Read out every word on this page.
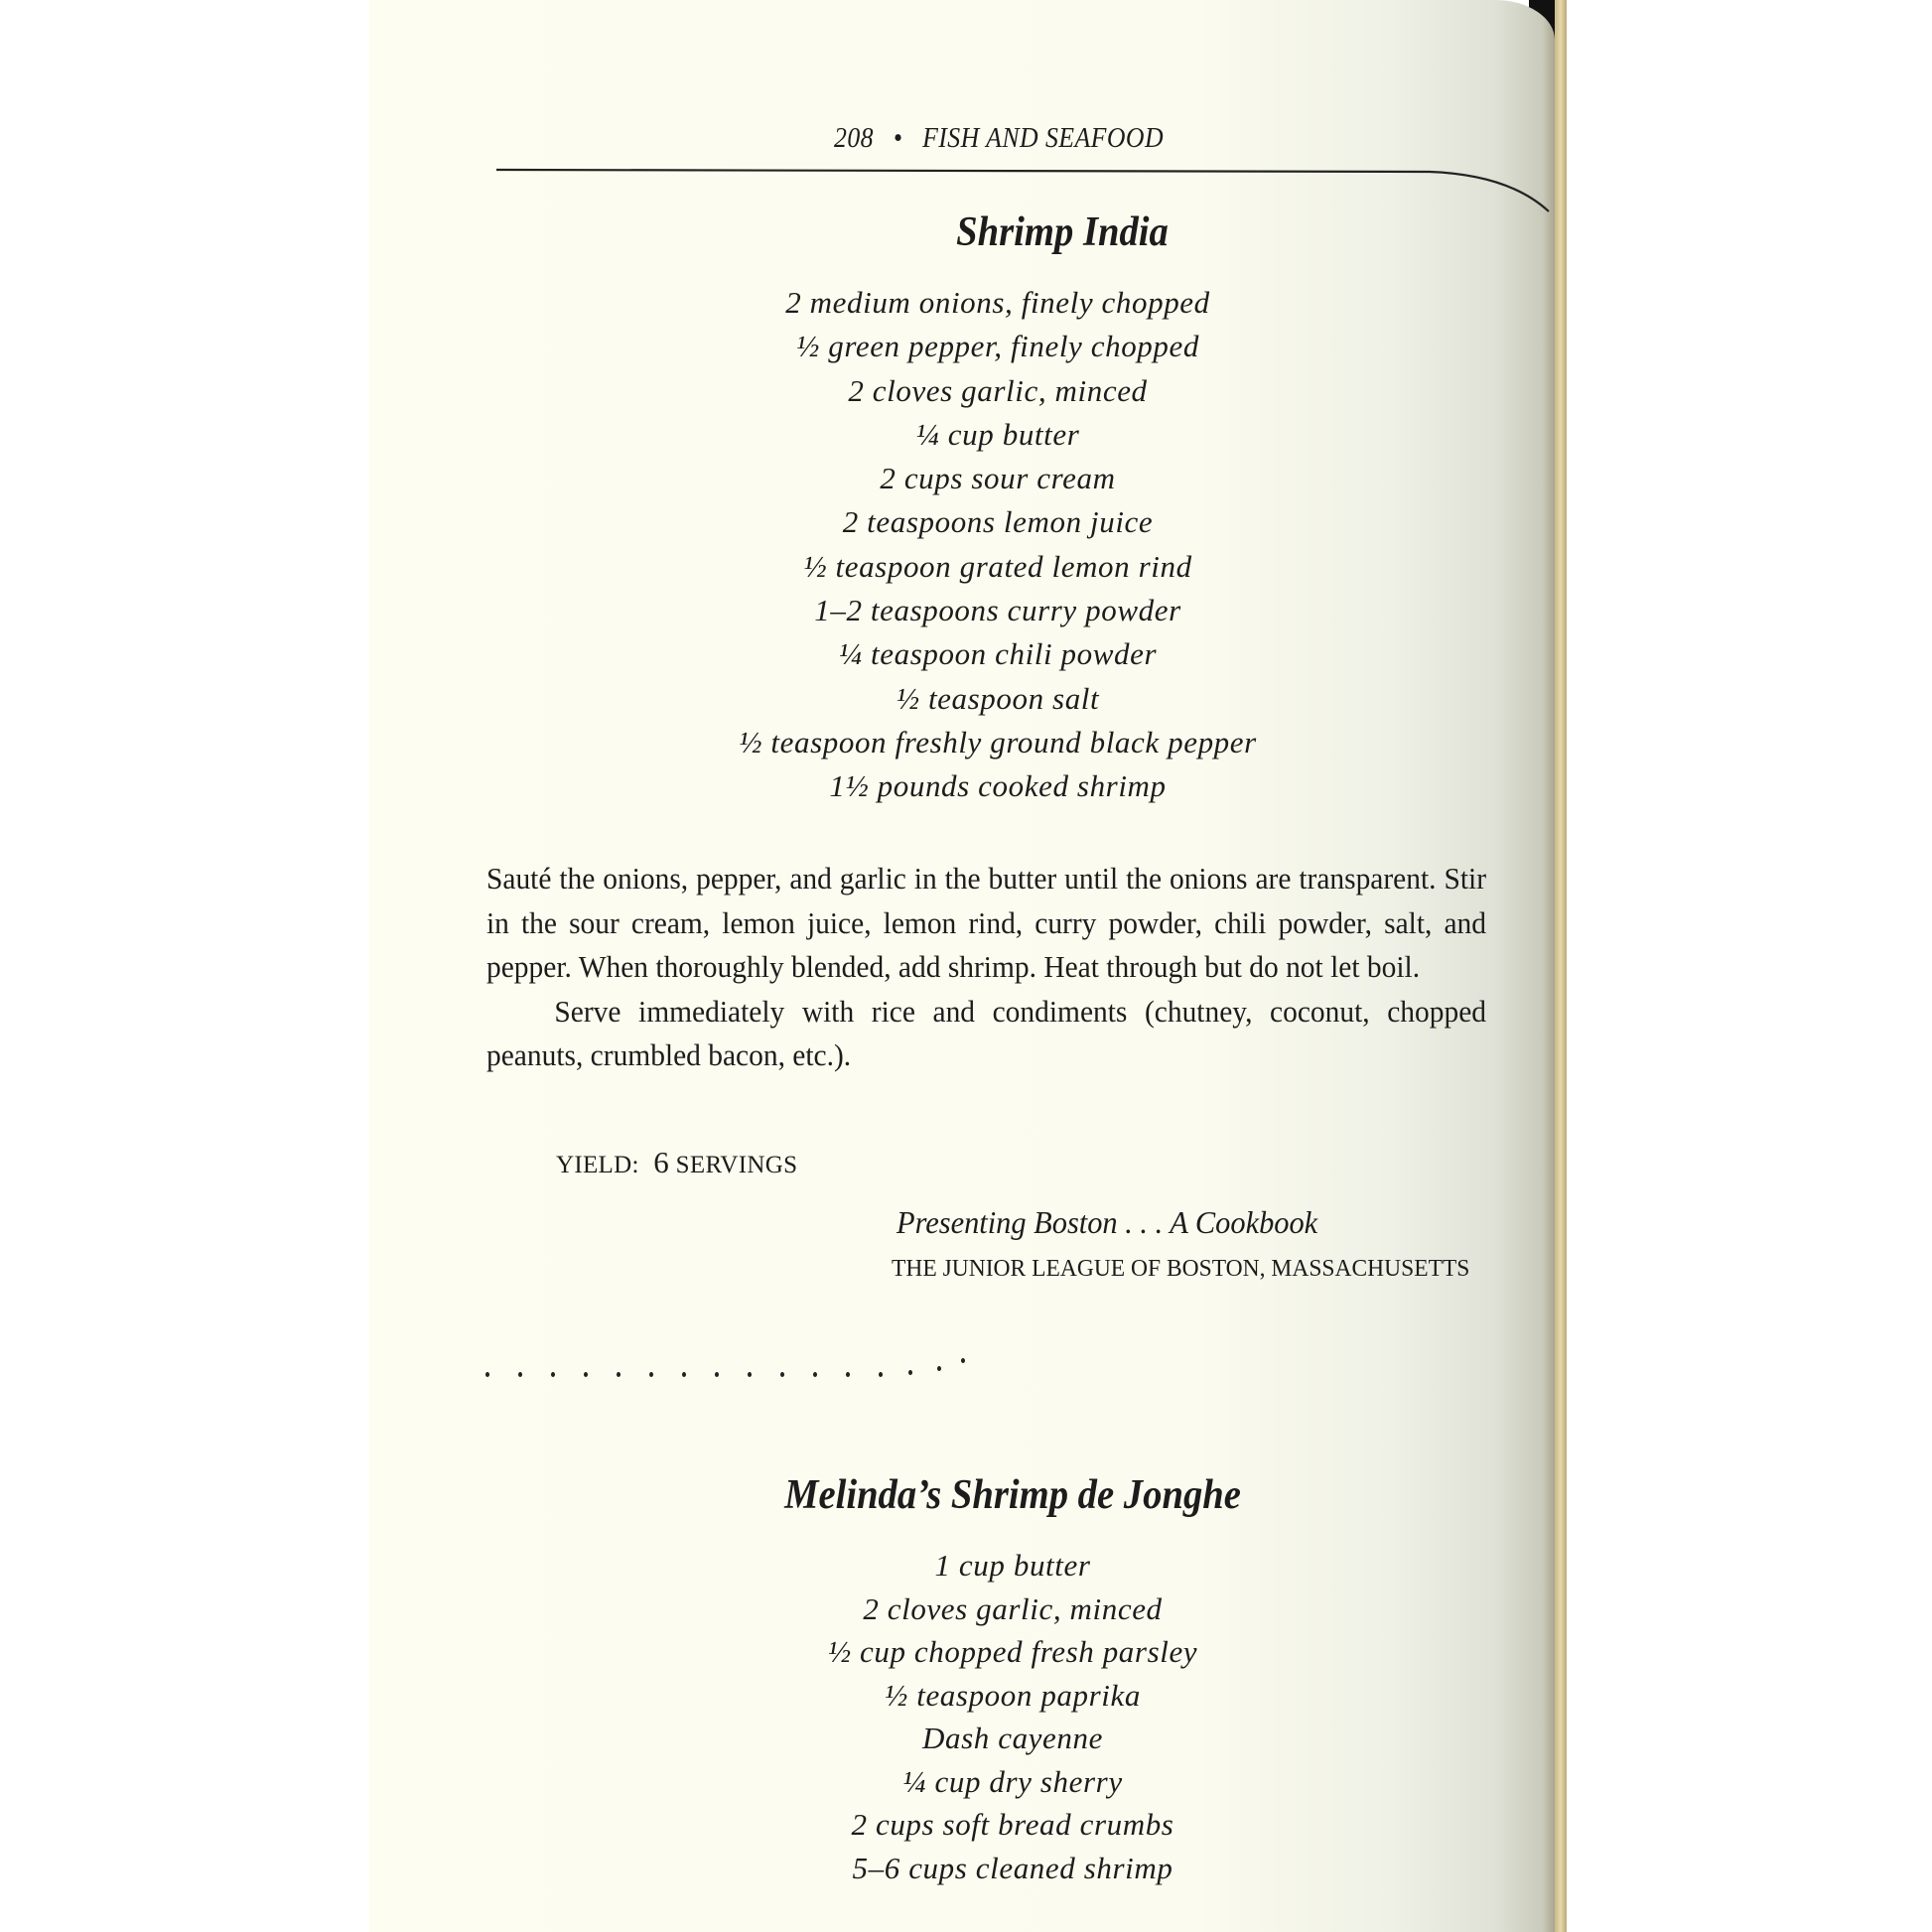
208 • FISH AND SEAFOOD
Shrimp India
2 medium onions, finely chopped
½ green pepper, finely chopped
2 cloves garlic, minced
¼ cup butter
2 cups sour cream
2 teaspoons lemon juice
½ teaspoon grated lemon rind
1–2 teaspoons curry powder
¼ teaspoon chili powder
½ teaspoon salt
½ teaspoon freshly ground black pepper
1½ pounds cooked shrimp

Sauté the onions, pepper, and garlic in the butter until the onions are transparent. Stir in the sour cream, lemon juice, lemon rind, curry powder, chili powder, salt, and pepper. When thoroughly blended, add shrimp. Heat through but do not let boil.

Serve immediately with rice and condiments (chutney, coconut, chopped peanuts, crumbled bacon, etc.).

YIELD: 6 SERVINGS
Presenting Boston . . . A Cookbook
THE JUNIOR LEAGUE OF BOSTON, MASSACHUSETTS
Melinda’s Shrimp de Jonghe
1 cup butter
2 cloves garlic, minced
½ cup chopped fresh parsley
½ teaspoon paprika
Dash cayenne
¼ cup dry sherry
2 cups soft bread crumbs
5–6 cups cleaned shrimp
